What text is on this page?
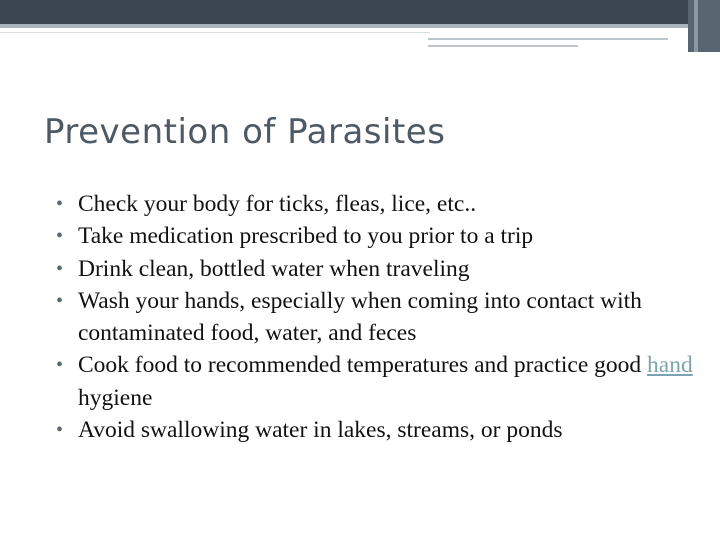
Prevention of Parasites
• Check your body for ticks, fleas, lice, etc..
• Take medication prescribed to you prior to a trip
• Drink clean, bottled water when traveling
• Wash your hands, especially when coming into contact with contaminated food, water, and feces
• Cook food to recommended temperatures and practice good hand hygiene
• Avoid swallowing water in lakes, streams, or ponds
